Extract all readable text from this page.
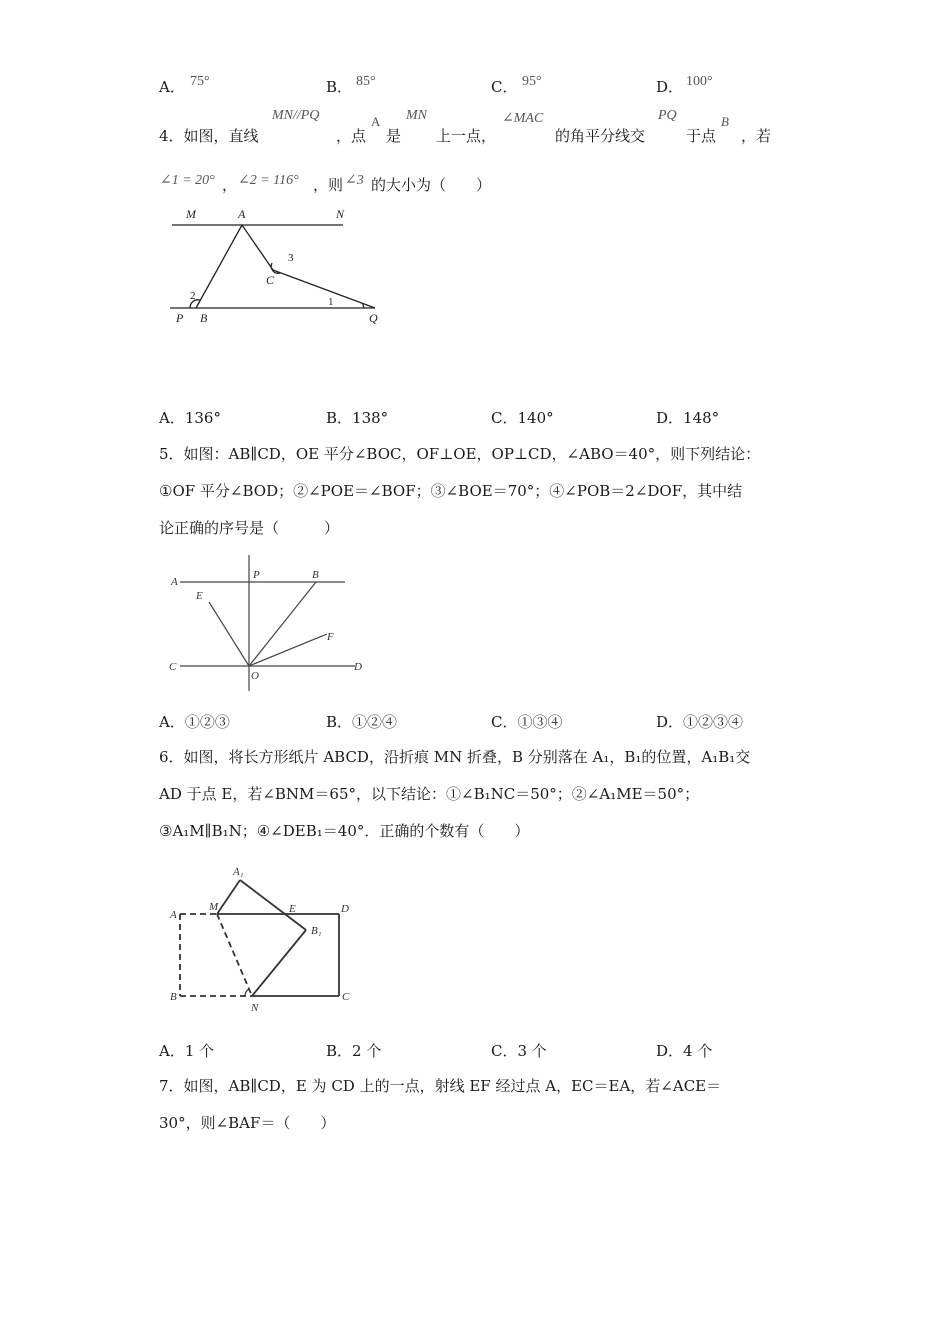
A． 75°	B． 85°	C． 95°	D． 100°
4．如图，直线
MN//PQ
，点
A
是
MN
上一点，
∠MAC
的角平分线交
PQ
于点
B
，若
∠1 = 20° ， ∠2 = 116° ，则 ∠3 的大小为（　　）
M	A	N
C
3
2	1
P B	Q
A．136°	B．138°	C．140°	D．148°
5．如图：AB∥CD，OE 平分∠BOC，OF⊥OE，OP⊥CD，∠ABO＝40°，则下列结论：
①OF 平分∠BOD；②∠POE＝∠BOF；③∠BOE＝70°；④∠POB＝2∠DOF，其中结
论正确的序号是（　　　）
A
P	B
E
F
C
O
D
A．①②③	B．①②④	C．①③④	D．①②③④
6．如图，将长方形纸片 ABCD，沿折痕 MN 折叠，B 分别落在 A₁，B₁的位置，A₁B₁交
AD 于点 E，若∠BNM＝65°，以下结论：①∠B₁NC＝50°；②∠A₁ME＝50°；
③A₁M∥B₁N；④∠DEB₁＝40°．正确的个数有（　　）
A₁
A
M	E	D
B₁
B
N
C
A．1 个	B．2 个	C．3 个	D．4 个
7．如图，AB∥CD，E 为 CD 上的一点，射线 EF 经过点 A，EC＝EA，若∠ACE＝
30°，则∠BAF＝（　　）
